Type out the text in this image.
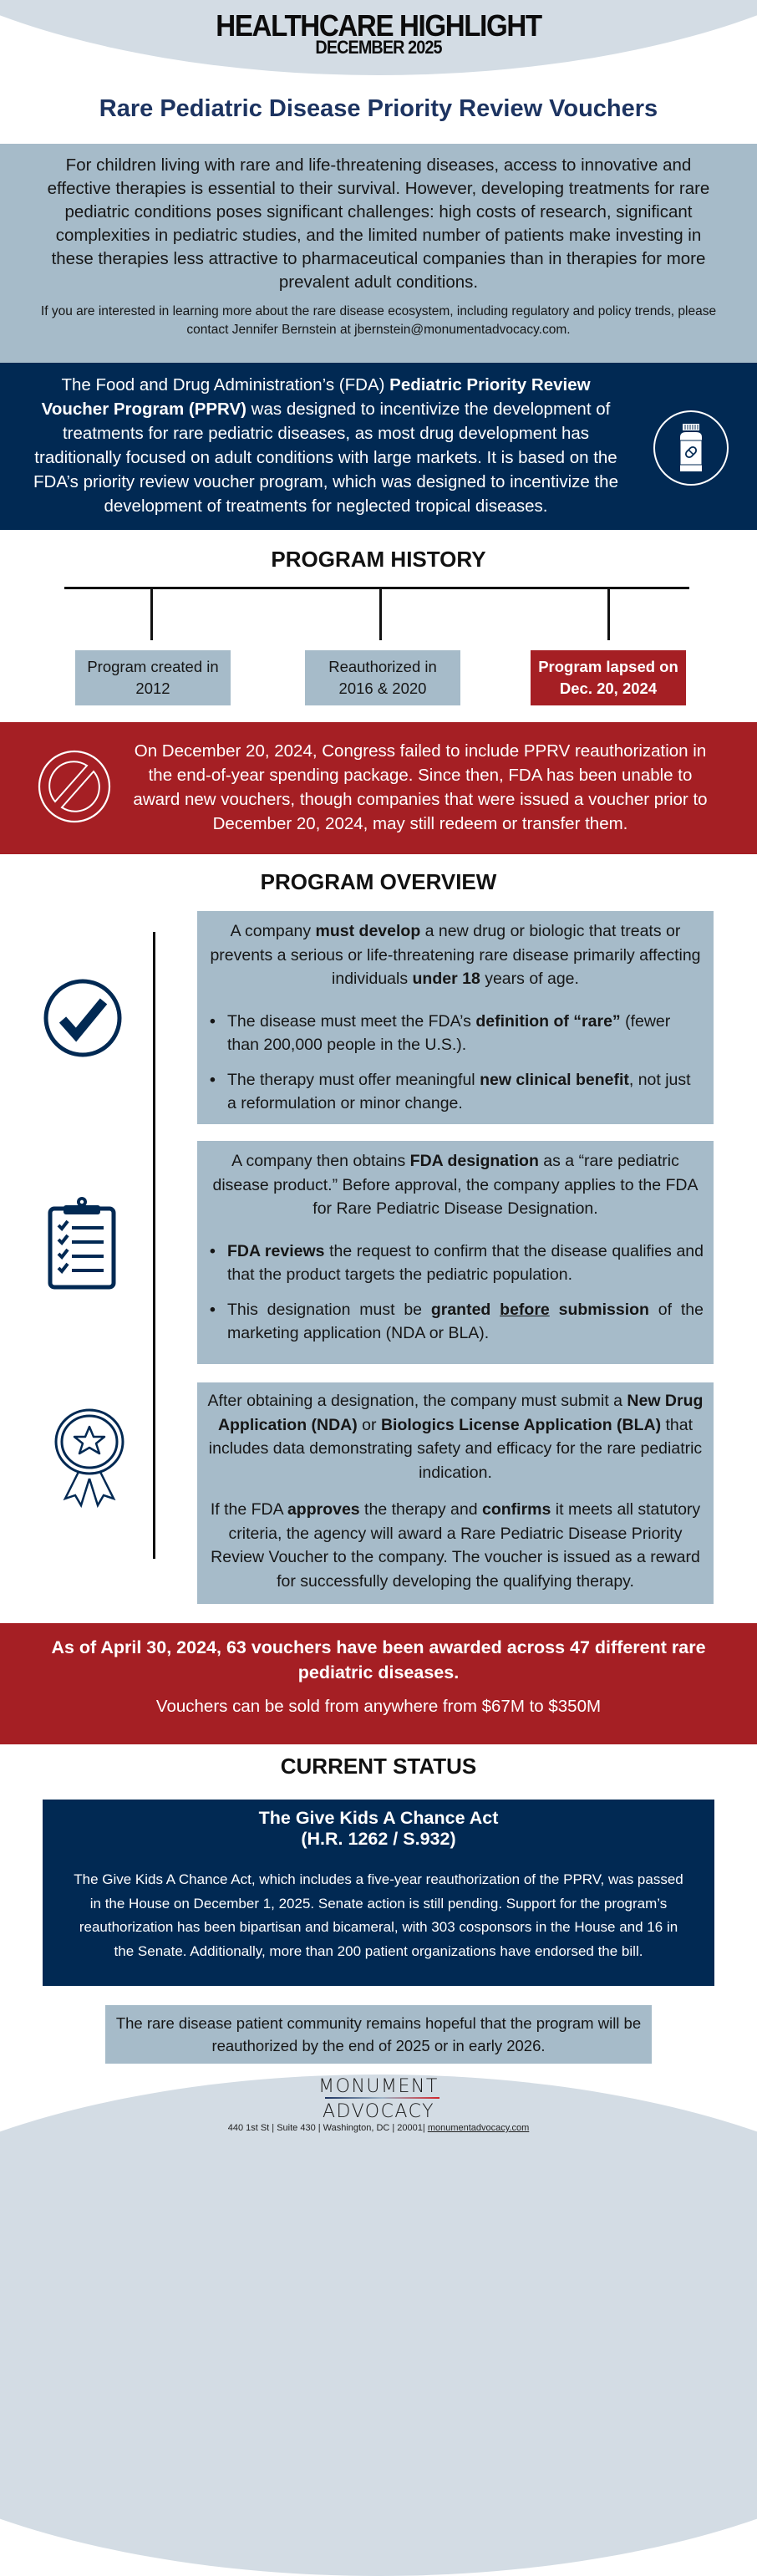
HEALTHCARE HIGHLIGHT
DECEMBER 2025
Rare Pediatric Disease Priority Review Vouchers

For children living with rare and life-threatening diseases, access to innovative and effective therapies is essential to their survival. However, developing treatments for rare pediatric conditions poses significant challenges: high costs of research, significant complexities in pediatric studies, and the limited number of patients make investing in these therapies less attractive to pharmaceutical companies than in therapies for more prevalent adult conditions.

If you are interested in learning more about the rare disease ecosystem, including regulatory and policy trends, please contact Jennifer Bernstein at jbernstein@monumentadvocacy.com.

The Food and Drug Administration’s (FDA) Pediatric Priority Review Voucher Program (PPRV) was designed to incentivize the development of treatments for rare pediatric diseases, as most drug development has traditionally focused on adult conditions with large markets. It is based on the FDA’s priority review voucher program, which was designed to incentivize the development of treatments for neglected tropical diseases.

PROGRAM HISTORY
Program created in 2012
Reauthorized in 2016 & 2020
Program lapsed on Dec. 20, 2024

On December 20, 2024, Congress failed to include PPRV reauthorization in the end-of-year spending package. Since then, FDA has been unable to award new vouchers, though companies that were issued a voucher prior to December 20, 2024, may still redeem or transfer them.

PROGRAM OVERVIEW

A company must develop a new drug or biologic that treats or prevents a serious or life-threatening rare disease primarily affecting individuals under 18 years of age.

• The disease must meet the FDA’s definition of “rare” (fewer than 200,000 people in the U.S.).
• The therapy must offer meaningful new clinical benefit, not just a reformulation or minor change.

A company then obtains FDA designation as a “rare pediatric disease product.” Before approval, the company applies to the FDA for Rare Pediatric Disease Designation.

• FDA reviews the request to confirm that the disease qualifies and that the product targets the pediatric population.
• This designation must be granted before submission of the marketing application (NDA or BLA).

After obtaining a designation, the company must submit a New Drug Application (NDA) or Biologics License Application (BLA) that includes data demonstrating safety and efficacy for the rare pediatric indication.

If the FDA approves the therapy and confirms it meets all statutory criteria, the agency will award a Rare Pediatric Disease Priority Review Voucher to the company. The voucher is issued as a reward for successfully developing the qualifying therapy.

As of April 30, 2024, 63 vouchers have been awarded across 47 different rare pediatric diseases.

Vouchers can be sold from anywhere from $67M to $350M

CURRENT STATUS

The Give Kids A Chance Act

(H.R. 1262 / S.932)

The Give Kids A Chance Act, which includes a five-year reauthorization of the PPRV, was passed in the House on December 1, 2025. Senate action is still pending. Support for the program’s reauthorization has been bipartisan and bicameral, with 303 cosponsors in the House and 16 in the Senate. Additionally, more than 200 patient organizations have endorsed the bill.

The rare disease patient community remains hopeful that the program will be reauthorized by the end of 2025 or in early 2026.
MONUMENT
ADVOCACY
440 1st St | Suite 430 | Washington, DC | 20001| monumentadvocacy.com
